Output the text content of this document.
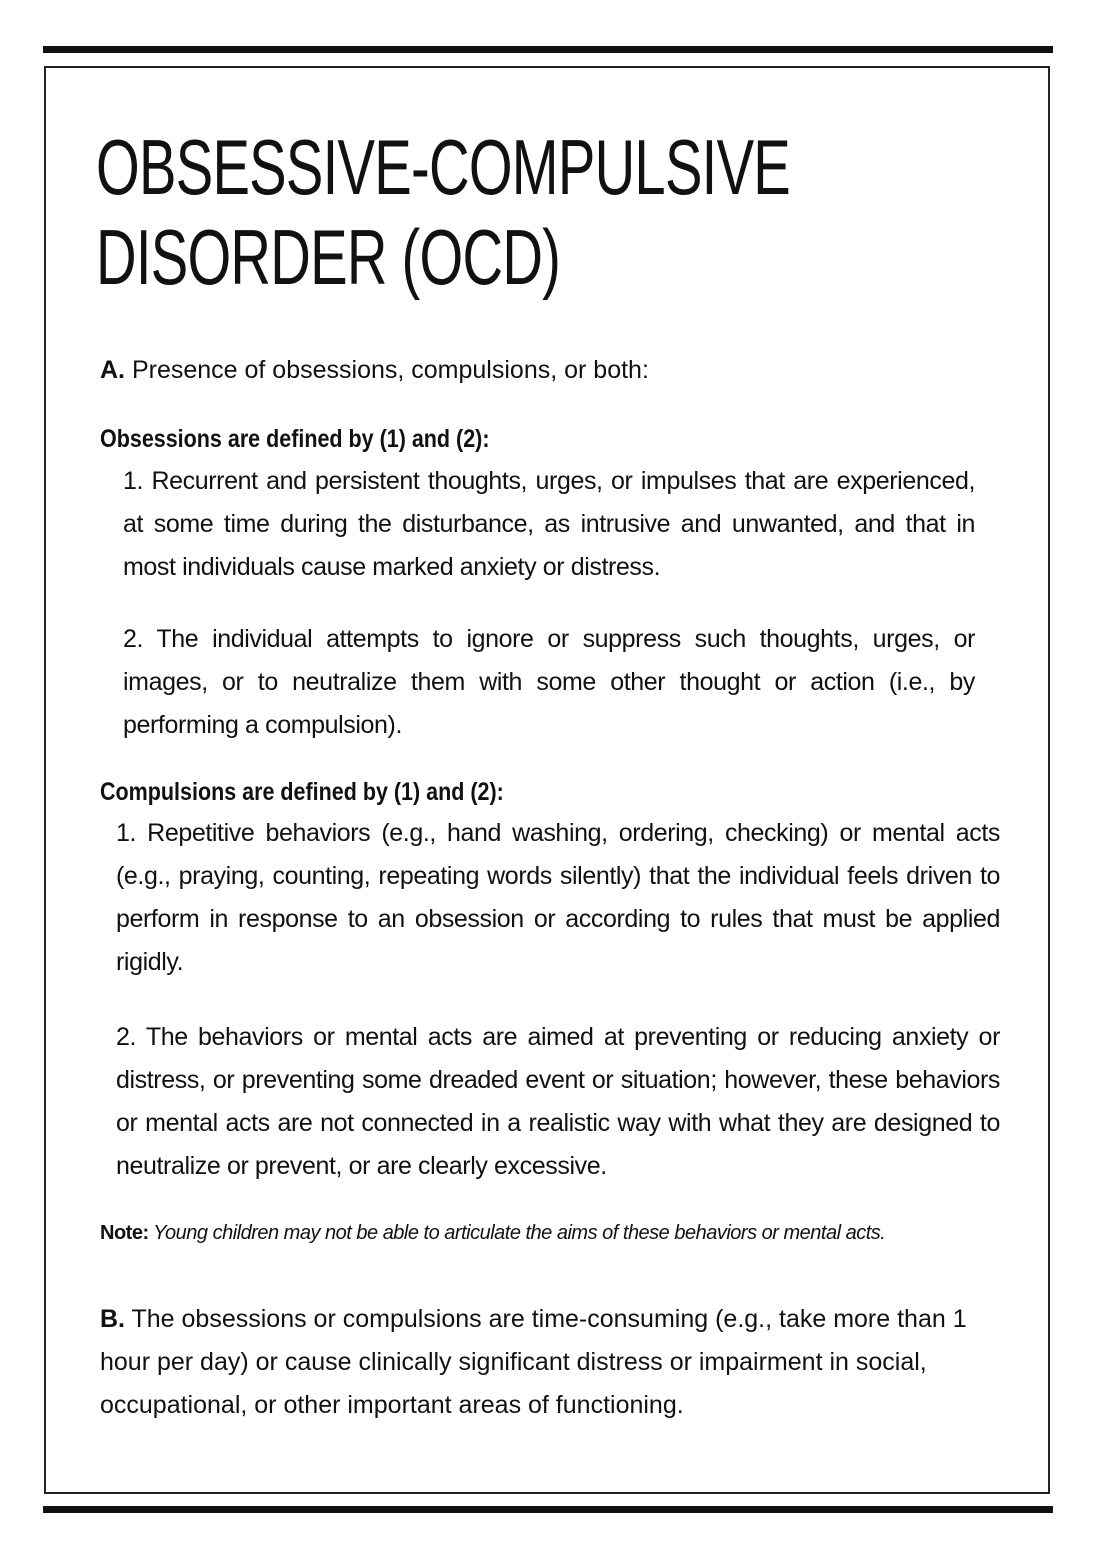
OBSESSIVE-COMPULSIVE
DISORDER (OCD)
A. Presence of obsessions, compulsions, or both:
Obsessions are defined by (1) and (2):
1. Recurrent and persistent thoughts, urges, or impulses that are experienced, at some time during the disturbance, as intrusive and unwanted, and that in most individuals cause marked anxiety or distress.
2. The individual attempts to ignore or suppress such thoughts, urges, or images, or to neutralize them with some other thought or action (i.e., by performing a compulsion).
Compulsions are defined by (1) and (2):
1. Repetitive behaviors (e.g., hand washing, ordering, checking) or mental acts (e.g., praying, counting, repeating words silently) that the individual feels driven to perform in response to an obsession or according to rules that must be applied rigidly.
2. The behaviors or mental acts are aimed at preventing or reducing anxiety or distress, or preventing some dreaded event or situation; however, these behaviors or mental acts are not connected in a realistic way with what they are designed to neutralize or prevent, or are clearly excessive.
Note: Young children may not be able to articulate the aims of these behaviors or mental acts.
B. The obsessions or compulsions are time-consuming (e.g., take more than 1 hour per day) or cause clinically significant distress or impairment in social, occupational, or other important areas of functioning.
